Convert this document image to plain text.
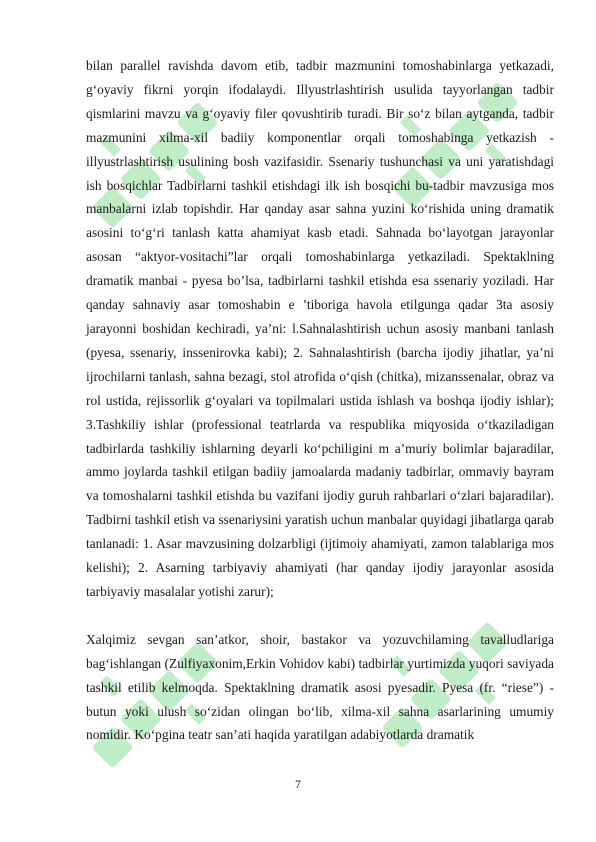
bilan parallel ravishda davom etib, tadbir mazmunini tomoshabinlarga yetkazadi, g‘oyaviy fikrni yorqin ifodalaydi. Illyustrlashtirish usulida tayyorlangan tadbir qismlarini mavzu va g‘oyaviy filer qovushtirib turadi. Bir so‘z bilan aytganda, tadbir mazmunini xilma-xil badiiy komponentlar orqali tomoshabinga yetkazish - illyustrlashtirish usulining bosh vazifasidir. Ssenariy tushunchasi va uni yaratishdagi ish bosqichlar Tadbirlarni tashkil etishdagi ilk ish bosqichi bu-tadbir mavzusiga mos manbalarni izlab topishdir. Har qanday asar sahna yuzini ko‘rishida uning dramatik asosini to‘g‘ri tanlash katta ahamiyat kasb etadi. Sahnada bo‘layotgan jarayonlar asosan “aktyor-vositachi”lar orqali tomoshabinlarga yetkaziladi. Spektaklning dramatik manbai - pyesa bo’lsa, tadbirlarni tashkil etishda esa ssenariy yoziladi. Har qanday sahnaviy asar tomoshabin e ’tiboriga havola etilgunga qadar 3ta asosiy jarayonni boshidan kechiradi, ya’ni: l.Sahnalashtirish uchun asosiy manbani tanlash (pyesa, ssenariy, inssenirovka kabi); 2. Sahnalashtirish (barcha ijodiy jihatlar, ya’ni ijrochilarni tanlash, sahna bezagi, stol atrofida o‘qish (chitka), mizanssenalar, obraz va rol ustida, rejissorlik g‘oyalari va topilmalari ustida ishlash va boshqa ijodiy ishlar); 3.Tashkiliy ishlar (professional teatrlarda va respublika miqyosida o‘tkaziladigan tadbirlarda tashkiliy ishlarning deyarli ko‘pchiligini m a’muriy bolimlar bajaradilar, ammo joylarda tashkil etilgan badiiy jamoalarda madaniy tadbirlar, ommaviy bayram va tomoshalarni tashkil etishda bu vazifani ijodiy guruh rahbarlari o‘zlari bajaradilar). Tadbirni tashkil etish va ssenariysini yaratish uchun manbalar quyidagi jihatlarga qarab tanlanadi: 1. Asar mavzusining dolzarbligi (ijtimoiy ahamiyati, zamon talablariga mos kelishi); 2. Asarning tarbiyaviy ahamiyati (har qanday ijodiy jarayonlar asosida tarbiyaviy masalalar yotishi zarur);

Xalqimiz sevgan san’atkor, shoir, bastakor va yozuvchilaming tavalludlariga bag‘ishlangan (Zulfiyaxonim,Erkin Vohidov kabi) tadbirlar yurtimizda yuqori saviyada tashkil etilib kelmoqda. Spektaklning dramatik asosi pyesadir. Pyesa (fr. “riese”) - butun yoki ulush so‘zidan olingan bo‘lib, xilma-xil sahna asarlarining umumiy nomidir. Ko‘pgina teatr san’ati haqida yaratilgan adabiyotlarda dramatik

7
